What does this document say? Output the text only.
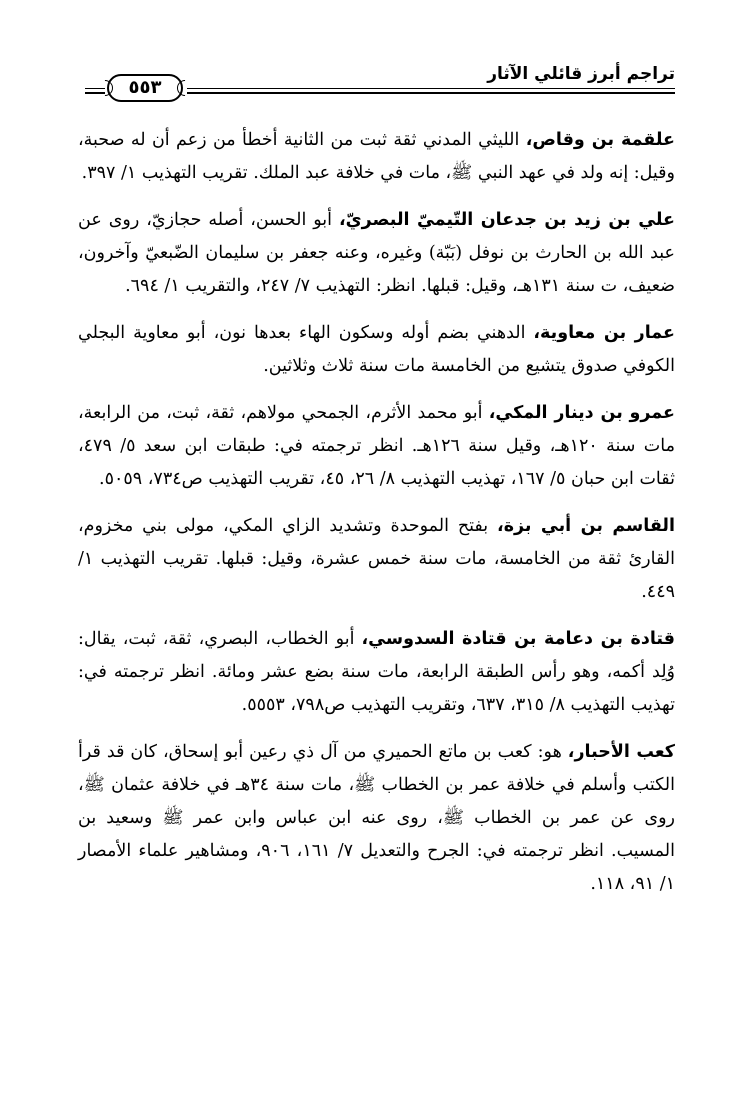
تراجم أبرز قائلي الآثار
٥٥٣

علقمة بن وقاص، الليثي المدني ثقة ثبت من الثانية أخطأ من زعم أن له صحبة، وقيل: إنه ولد في عهد النبي ﷺ، مات في خلافة عبد الملك. تقريب التهذيب ١/ ٣٩٧.

علي بن زيد بن جدعان التّيميّ البصريّ، أبو الحسن، أصله حجازيّ، روى عن عبد الله بن الحارث بن نوفل (بَبّة) وغيره، وعنه جعفر بن سليمان الضّبعيّ وآخرون، ضعيف، ت سنة ١٣١هـ، وقيل: قبلها. انظر: التهذيب ٧/ ٢٤٧، والتقريب ١/ ٦٩٤.

عمار بن معاوية، الدهني بضم أوله وسكون الهاء بعدها نون، أبو معاوية البجلي الكوفي صدوق يتشيع من الخامسة مات سنة ثلاث وثلاثين.

عمرو بن دينار المكي، أبو محمد الأثرم، الجمحي مولاهم، ثقة، ثبت، من الرابعة، مات سنة ١٢٠هـ، وقيل سنة ١٢٦هـ. انظر ترجمته في: طبقات ابن سعد ٥/ ٤٧٩، ثقات ابن حبان ٥/ ١٦٧، تهذيب التهذيب ٨/ ٢٦، ٤٥، تقريب التهذيب ص٧٣٤، ٥٠٥٩.

القاسم بن أبي بزة، بفتح الموحدة وتشديد الزاي المكي، مولى بني مخزوم، القارئ ثقة من الخامسة، مات سنة خمس عشرة، وقيل: قبلها. تقريب التهذيب ١/ ٤٤٩.

قتادة بن دعامة بن قتادة السدوسي، أبو الخطاب، البصري، ثقة، ثبت، يقال: وُلِد أكمه، وهو رأس الطبقة الرابعة، مات سنة بضع عشر ومائة. انظر ترجمته في: تهذيب التهذيب ٨/ ٣١٥، ٦٣٧، وتقريب التهذيب ص٧٩٨، ٥٥٥٣.

كعب الأحبار، هو: كعب بن ماتع الحميري من آل ذي رعين أبو إسحاق، كان قد قرأ الكتب وأسلم في خلافة عمر بن الخطاب ﷺ، مات سنة ٣٤هـ في خلافة عثمان ﷺ، روى عن عمر بن الخطاب ﷺ، روى عنه ابن عباس وابن عمر ﷺ وسعيد بن المسيب. انظر ترجمته في: الجرح والتعديل ٧/ ١٦١، ٩٠٦، ومشاهير علماء الأمصار ١/ ٩١، ١١٨.
